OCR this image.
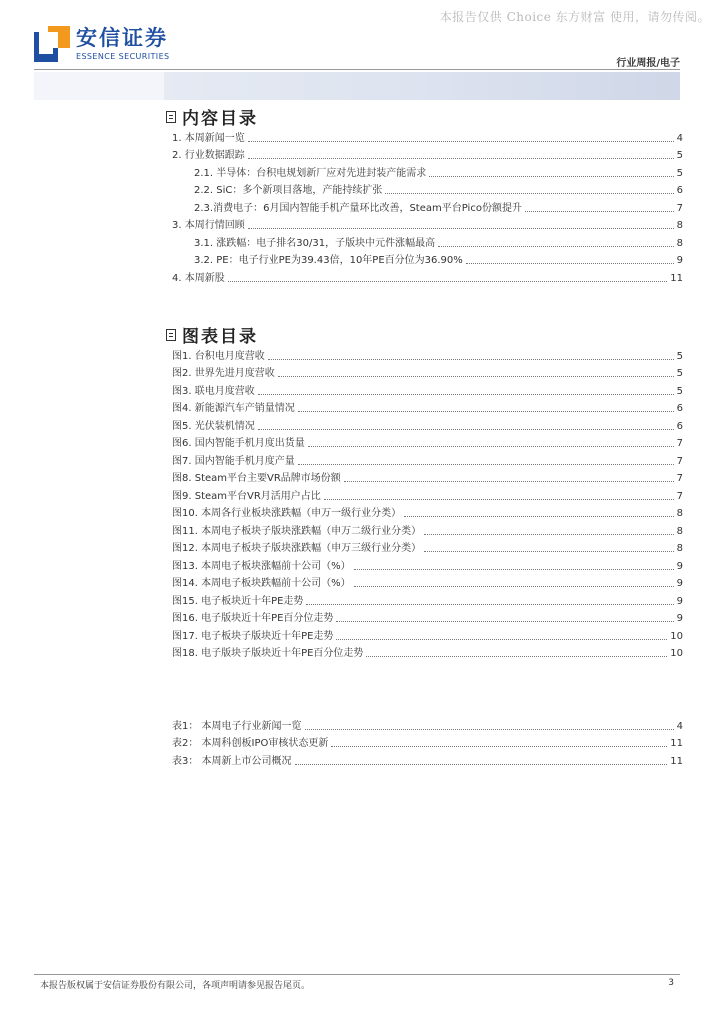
本报告仅供 Choice 东方财富 使用，请勿传阅。
安信证券
ESSENCE SECURITIES
行业周报/电子
内容目录
1. 本周新闻一览	4
2. 行业数据跟踪	5
2.1. 半导体：台积电规划新厂应对先进封装产能需求	5
2.2. SiC：多个新项目落地，产能持续扩张	6
2.3.消费电子：6月国内智能手机产量环比改善，Steam平台Pico份额提升	7
3. 本周行情回顾	8
3.1. 涨跌幅：电子排名30/31，子版块中元件涨幅最高	8
3.2. PE：电子行业PE为39.43倍，10年PE百分位为36.90%	9
4. 本周新股	11
图表目录
图1. 台积电月度营收	5
图2. 世界先进月度营收	5
图3. 联电月度营收	5
图4. 新能源汽车产销量情况	6
图5. 光伏装机情况	6
图6. 国内智能手机月度出货量	7
图7. 国内智能手机月度产量	7
图8. Steam平台主要VR品牌市场份额	7
图9. Steam平台VR月活用户占比	7
图10. 本周各行业板块涨跌幅（申万一级行业分类）	8
图11. 本周电子板块子版块涨跌幅（申万二级行业分类）	8
图12. 本周电子板块子版块涨跌幅（申万三级行业分类）	8
图13. 本周电子板块涨幅前十公司（%）	9
图14. 本周电子板块跌幅前十公司（%）	9
图15. 电子板块近十年PE走势	9
图16. 电子版块近十年PE百分位走势	9
图17. 电子板块子版块近十年PE走势	10
图18. 电子版块子版块近十年PE百分位走势	10
表1： 本周电子行业新闻一览	4
表2： 本周科创板IPO审核状态更新	11
表3： 本周新上市公司概况	11
本报告版权属于安信证券股份有限公司，各项声明请参见报告尾页。	3
